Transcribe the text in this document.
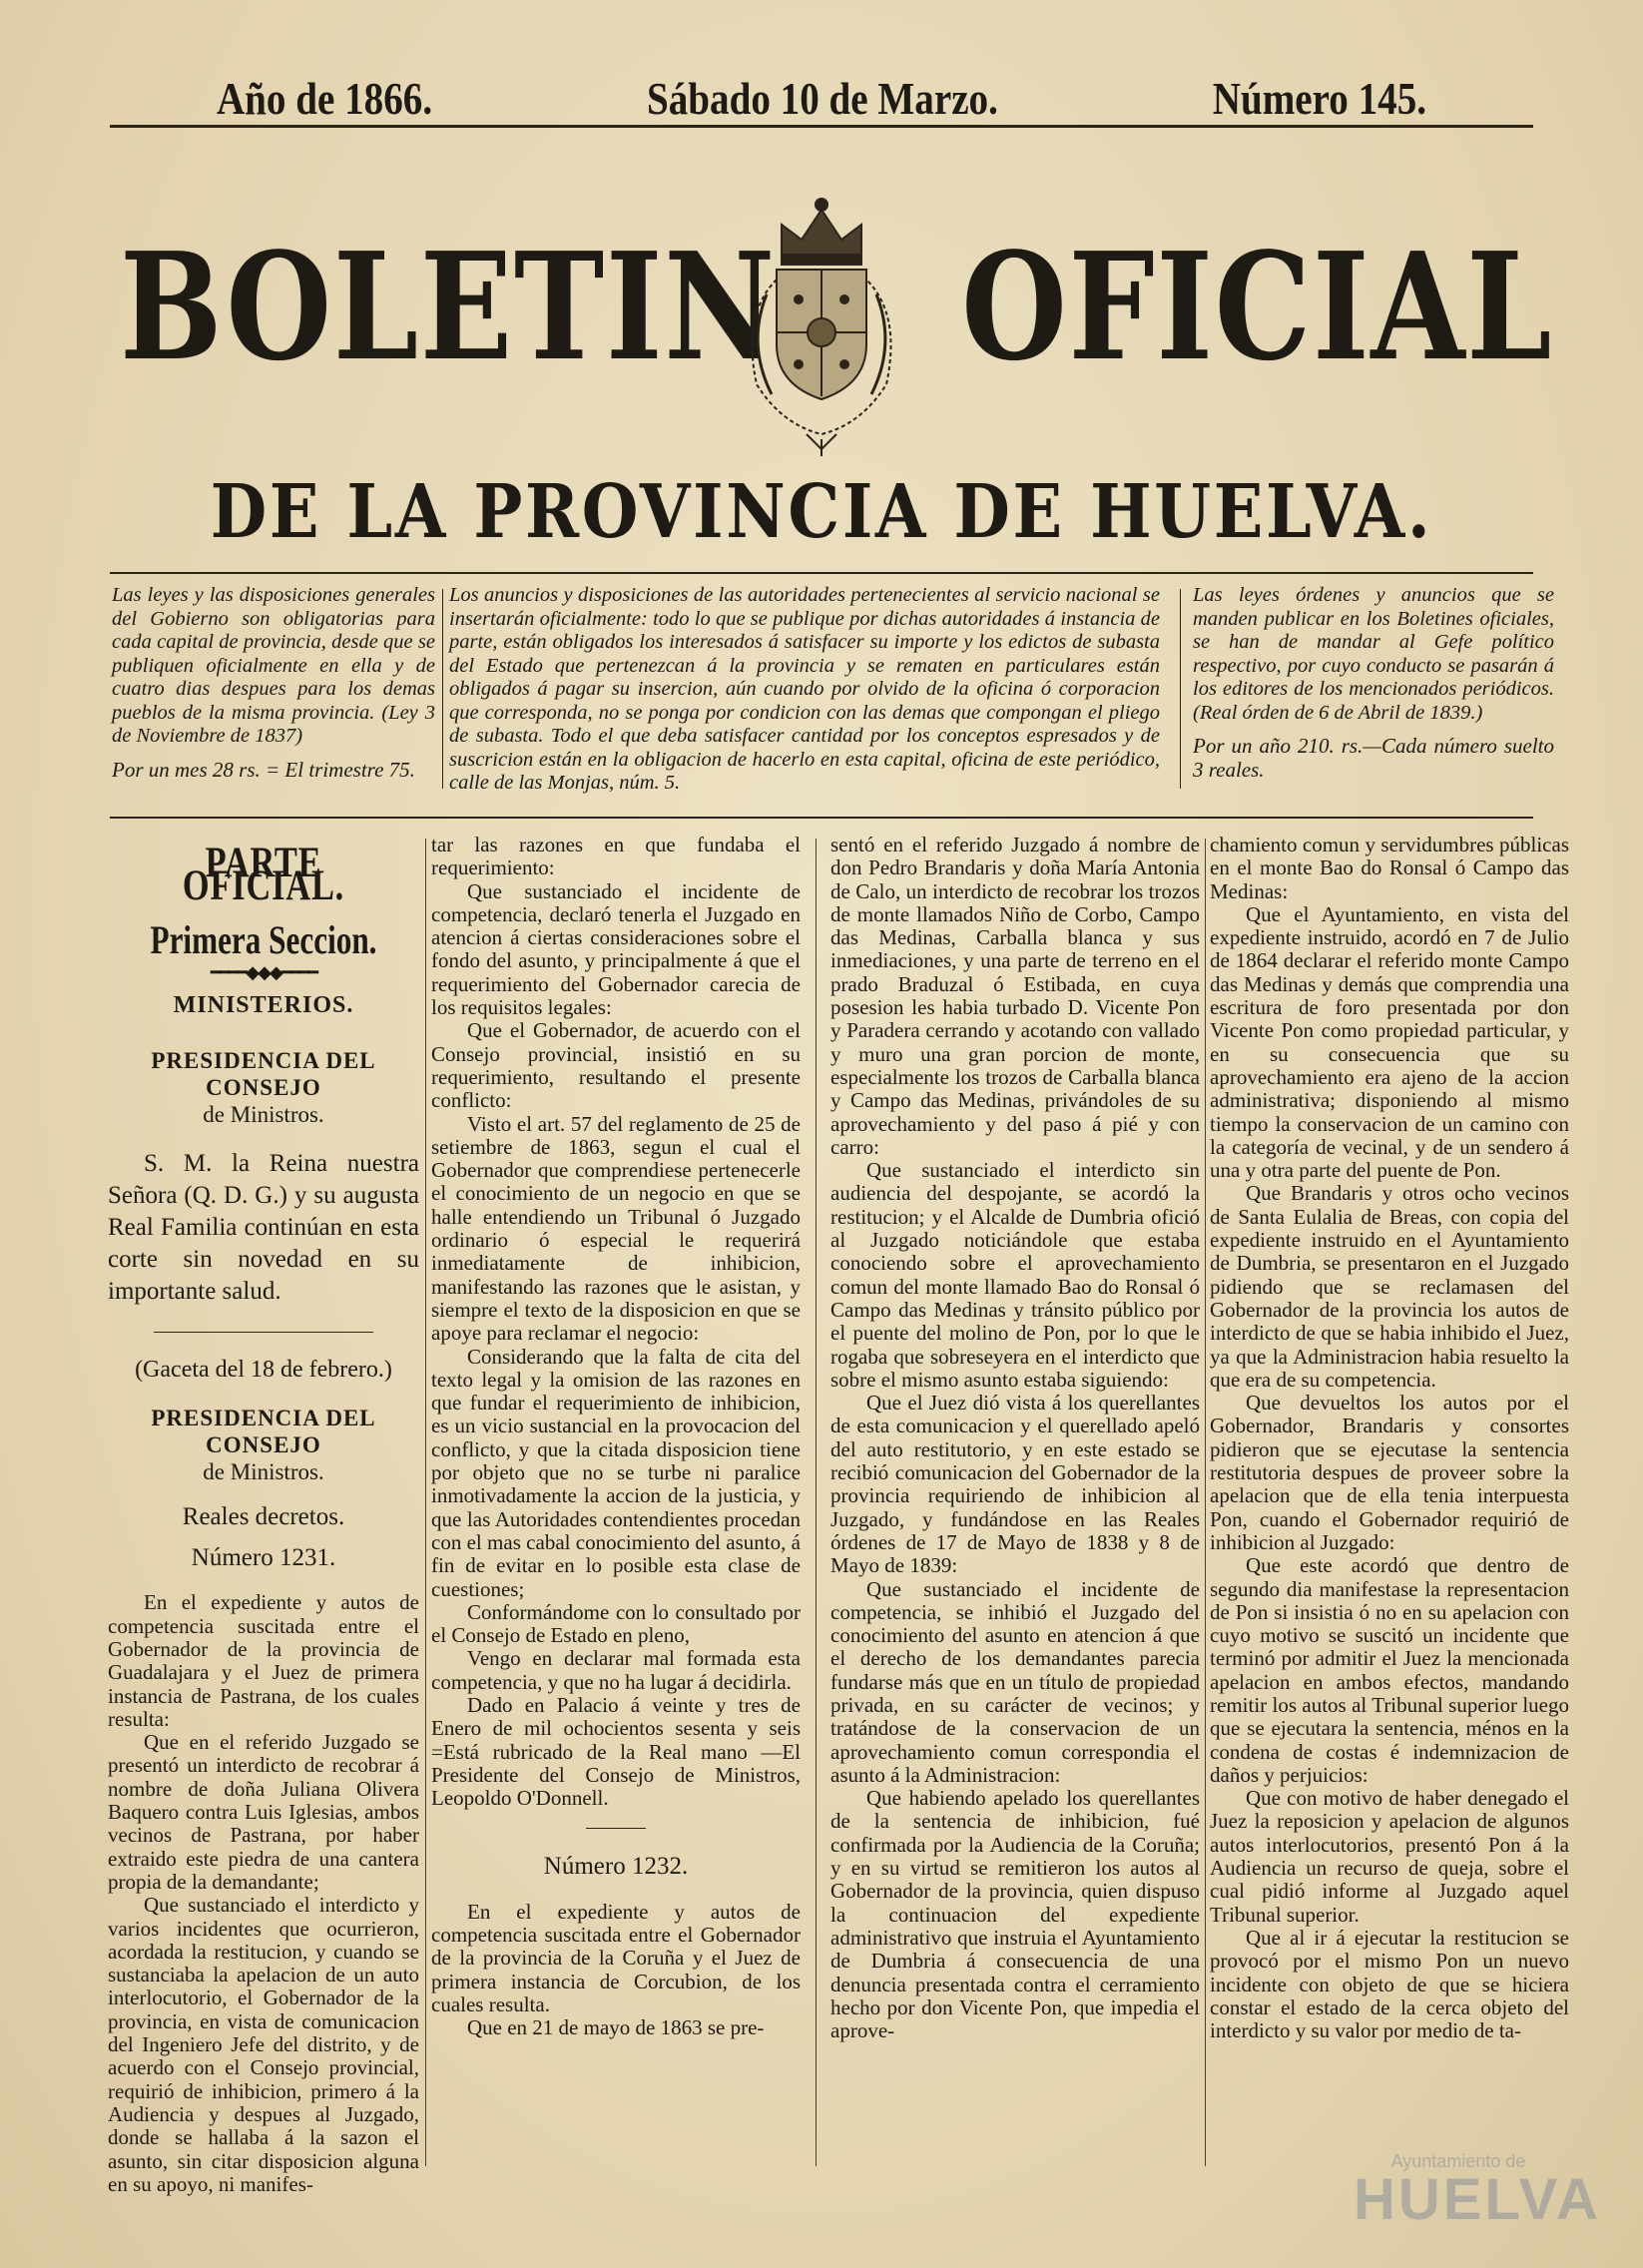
Año de 1866.	Sábado 10 de Marzo.	Número 145.
BOLETIN OFICIAL
DE LA PROVINCIA DE HUELVA.

Las leyes y las disposiciones generales del Gobierno son obligatorias para cada capital de provincia, desde que se publiquen oficialmente en ella y de cuatro dias despues para los demas pueblos de la misma provincia. (Ley 3 de Noviembre de 1837)

Por un mes 28 rs. = El trimestre 75.

Los anuncios y disposiciones de las autoridades pertenecientes al servicio nacional se insertarán oficialmente: todo lo que se publique por dichas autoridades á instancia de parte, están obligados los interesados á satisfacer su importe y los edictos de subasta del Estado que pertenezcan á la provincia y se rematen en particulares están obligados á pagar su insercion, aún cuando por olvido de la oficina ó corporacion que corresponda, no se ponga por condicion con las demas que compongan el pliego de subasta. Todo el que deba satisfacer cantidad por los conceptos espresados y de suscricion están en la obligacion de hacerlo en esta capital, oficina de este periódico, calle de las Monjas, núm. 5.

Las leyes órdenes y anuncios que se manden publicar en los Boletines oficiales, se han de mandar al Gefe político respectivo, por cuyo conducto se pasarán á los editores de los mencionados periódicos. (Real órden de 6 de Abril de 1839.)

Por un año 210. rs.—Cada número suelto 3 reales.

PARTE OFICIAL.
Primera Seccion.
━━━━◆◆◆━━━━
MINISTERIOS.
PRESIDENCIA DEL CONSEJO
de Ministros.

S. M. la Reina nuestra Señora (Q. D. G.) y su augusta Real Familia continúan en esta corte sin novedad en su importante salud.

(Gaceta del 18 de febrero.)

PRESIDENCIA DEL CONSEJO
de Ministros.

Reales decretos.

Número 1231.

En el expediente y autos de competencia suscitada entre el Gobernador de la provincia de Guadalajara y el Juez de primera instancia de Pastrana, de los cuales resulta:

Que en el referido Juzgado se presentó un interdicto de recobrar á nombre de doña Juliana Olivera Baquero contra Luis Iglesias, ambos vecinos de Pastrana, por haber extraido este piedra de una cantera propia de la demandante;

Que sustanciado el interdicto y varios incidentes que ocurrieron, acordada la restitucion, y cuando se sustanciaba la apelacion de un auto interlocutorio, el Gobernador de la provincia, en vista de comunicacion del Ingeniero Jefe del distrito, y de acuerdo con el Consejo provincial, requirió de inhibicion, primero á la Audiencia y despues al Juzgado, donde se hallaba á la sazon el asunto, sin citar disposicion alguna en su apoyo, ni manifes-

tar las razones en que fundaba el requerimiento:

Que sustanciado el incidente de competencia, declaró tenerla el Juzgado en atencion á ciertas consideraciones sobre el fondo del asunto, y principalmente á que el requerimiento del Gobernador carecia de los requisitos legales:

Que el Gobernador, de acuerdo con el Consejo provincial, insistió en su requerimiento, resultando el presente conflicto:

Visto el art. 57 del reglamento de 25 de setiembre de 1863, segun el cual el Gobernador que comprendiese pertenecerle el conocimiento de un negocio en que se halle entendiendo un Tribunal ó Juzgado ordinario ó especial le requerirá inmediatamente de inhibicion, manifestando las razones que le asistan, y siempre el texto de la disposicion en que se apoye para reclamar el negocio:

Considerando que la falta de cita del texto legal y la omision de las razones en que fundar el requerimiento de inhibicion, es un vicio sustancial en la provocacion del conflicto, y que la citada disposicion tiene por objeto que no se turbe ni paralice inmotivadamente la accion de la justicia, y que las Autoridades contendientes procedan con el mas cabal conocimiento del asunto, á fin de evitar en lo posible esta clase de cuestiones;

Conformándome con lo consultado por el Consejo de Estado en pleno,

Vengo en declarar mal formada esta competencia, y que no ha lugar á decidirla.

Dado en Palacio á veinte y tres de Enero de mil ochocientos sesenta y seis =Está rubricado de la Real mano —El Presidente del Consejo de Ministros, Leopoldo O'Donnell.

Número 1232.

En el expediente y autos de competencia suscitada entre el Gobernador de la provincia de la Coruña y el Juez de primera instancia de Corcubion, de los cuales resulta.

Que en 21 de mayo de 1863 se pre-

sentó en el referido Juzgado á nombre de don Pedro Brandaris y doña María Antonia de Calo, un interdicto de recobrar los trozos de monte llamados Niño de Corbo, Campo das Medinas, Carballa blanca y sus inmediaciones, y una parte de terreno en el prado Braduzal ó Estibada, en cuya posesion les habia turbado D. Vicente Pon y Paradera cerrando y acotando con vallado y muro una gran porcion de monte, especialmente los trozos de Carballa blanca y Campo das Medinas, privándoles de su aprovechamiento y del paso á pié y con carro:

Que sustanciado el interdicto sin audiencia del despojante, se acordó la restitucion; y el Alcalde de Dumbria ofició al Juzgado noticiándole que estaba conociendo sobre el aprovechamiento comun del monte llamado Bao do Ronsal ó Campo das Medinas y tránsito público por el puente del molino de Pon, por lo que le rogaba que sobreseyera en el interdicto que sobre el mismo asunto estaba siguiendo:

Que el Juez dió vista á los querellantes de esta comunicacion y el querellado apeló del auto restitutorio, y en este estado se recibió comunicacion del Gobernador de la provincia requiriendo de inhibicion al Juzgado, y fundándose en las Reales órdenes de 17 de Mayo de 1838 y 8 de Mayo de 1839:

Que sustanciado el incidente de competencia, se inhibió el Juzgado del conocimiento del asunto en atencion á que el derecho de los demandantes parecia fundarse más que en un título de propiedad privada, en su carácter de vecinos; y tratándose de la conservacion de un aprovechamiento comun correspondia el asunto á la Administracion:

Que habiendo apelado los querellantes de la sentencia de inhibicion, fué confirmada por la Audiencia de la Coruña; y en su virtud se remitieron los autos al Gobernador de la provincia, quien dispuso la continuacion del expediente administrativo que instruia el Ayuntamiento de Dumbria á consecuencia de una denuncia presentada contra el cerramiento hecho por don Vicente Pon, que impedia el aprove-

chamiento comun y servidumbres públicas en el monte Bao do Ronsal ó Campo das Medinas:

Que el Ayuntamiento, en vista del expediente instruido, acordó en 7 de Julio de 1864 declarar el referido monte Campo das Medinas y demás que comprendia una escritura de foro presentada por don Vicente Pon como propiedad particular, y en su consecuencia que su aprovechamiento era ajeno de la accion administrativa; disponiendo al mismo tiempo la conservacion de un camino con la categoría de vecinal, y de un sendero á una y otra parte del puente de Pon.

Que Brandaris y otros ocho vecinos de Santa Eulalia de Breas, con copia del expediente instruido en el Ayuntamiento de Dumbria, se presentaron en el Juzgado pidiendo que se reclamasen del Gobernador de la provincia los autos de interdicto de que se habia inhibido el Juez, ya que la Administracion habia resuelto la que era de su competencia.

Que devueltos los autos por el Gobernador, Brandaris y consortes pidieron que se ejecutase la sentencia restitutoria despues de proveer sobre la apelacion que de ella tenia interpuesta Pon, cuando el Gobernador requirió de inhibicion al Juzgado:

Que este acordó que dentro de segundo dia manifestase la representacion de Pon si insistia ó no en su apelacion con cuyo motivo se suscitó un incidente que terminó por admitir el Juez la mencionada apelacion en ambos efectos, mandando remitir los autos al Tribunal superior luego que se ejecutara la sentencia, ménos en la condena de costas é indemnizacion de daños y perjuicios:

Que con motivo de haber denegado el Juez la reposicion y apelacion de algunos autos interlocutorios, presentó Pon á la Audiencia un recurso de queja, sobre el cual pidió informe al Juzgado aquel Tribunal superior.

Que al ir á ejecutar la restitucion se provocó por el mismo Pon un nuevo incidente con objeto de que se hiciera constar el estado de la cerca objeto del interdicto y su valor por medio de ta-

Ayuntamiento de
HUELVA
